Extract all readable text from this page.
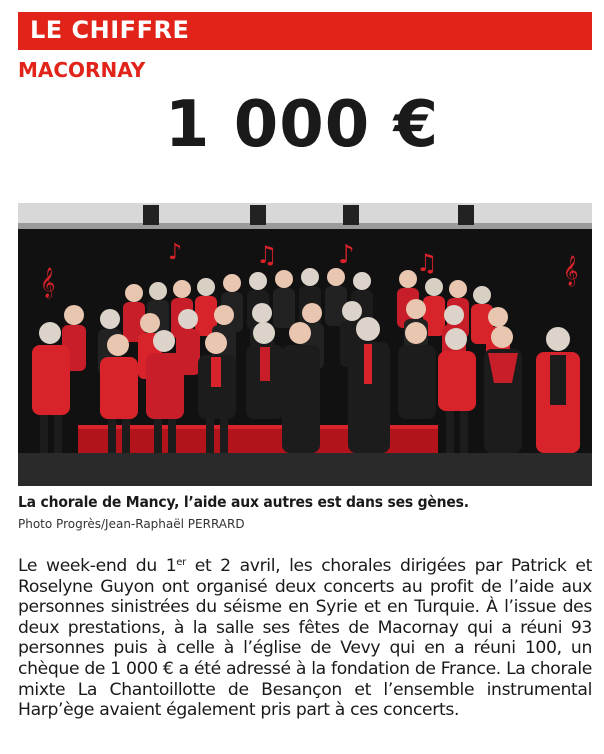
LE CHIFFRE
MACORNAY
1 000 €
𝄞
♪	♫ ♪	♫	𝄞
La chorale de Mancy, l’aide aux autres est dans ses gènes.
Photo Progrès/Jean-Raphaël PERRARD
Le week-end du 1er et 2 avril, les chorales dirigées par Patrick et Roselyne Guyon ont organisé deux concerts au profit de l’aide aux personnes sinistrées du séisme en Syrie et en Turquie. À l’issue des deux prestations, à la salle ses fêtes de Macornay qui a réuni 93 personnes puis à celle à l’église de Vevy qui en a réuni 100, un chèque de 1 000 € a été adressé à la fondation de France. La chorale mixte La Chantoillotte de Besançon et l’ensemble instrumental Harp’ège avaient également pris part à ces concerts.
